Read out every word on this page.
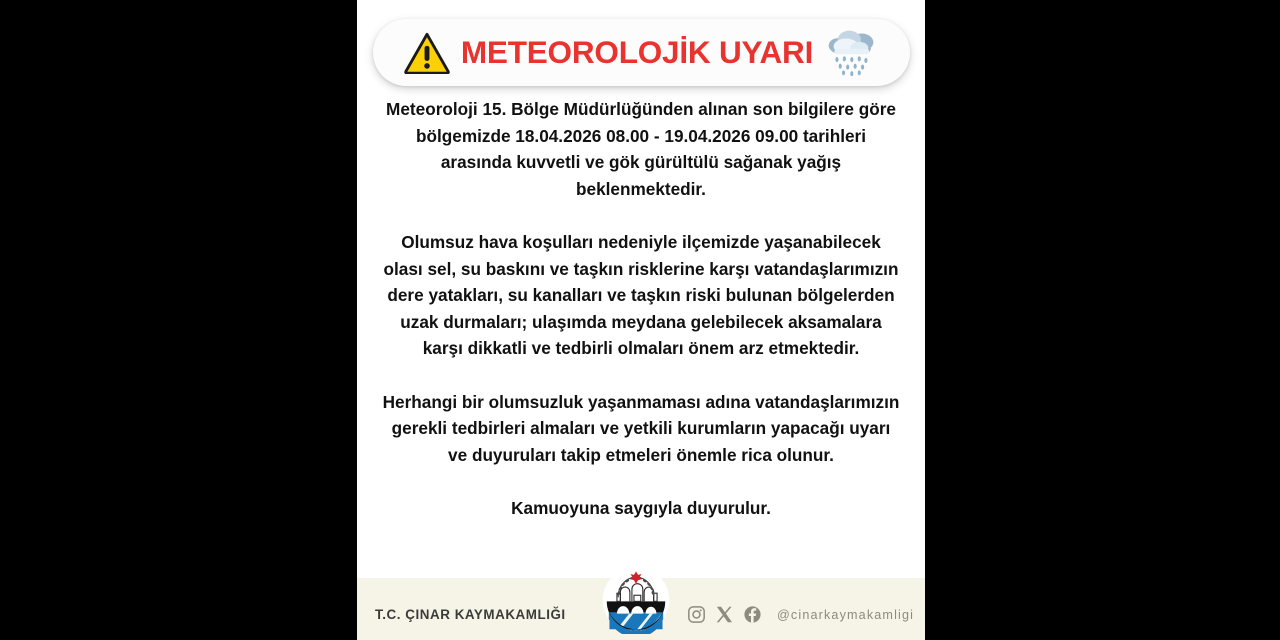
METEOROLOJİK UYARI

Meteoroloji 15. Bölge Müdürlüğünden alınan son bilgilere göre bölgemizde 18.04.2026 08.00 - 19.04.2026 09.00 tarihleri arasında kuvvetli ve gök gürültülü sağanak yağış beklenmektedir.

Olumsuz hava koşulları nedeniyle ilçemizde yaşanabilecek olası sel, su baskını ve taşkın risklerine karşı vatandaşlarımızın dere yatakları, su kanalları ve taşkın riski bulunan bölgelerden uzak durmaları; ulaşımda meydana gelebilecek aksamalara karşı dikkatli ve tedbirli olmaları önem arz etmektedir.

Herhangi bir olumsuzluk yaşanmaması adına vatandaşlarımızın gerekli tedbirleri almaları ve yetkili kurumların yapacağı uyarı ve duyuruları takip etmeleri önemle rica olunur.

Kamuoyuna saygıyla duyurulur.

T.C. ÇINAR KAYMAKAMLIĞI	@cinarkaymakamligi
